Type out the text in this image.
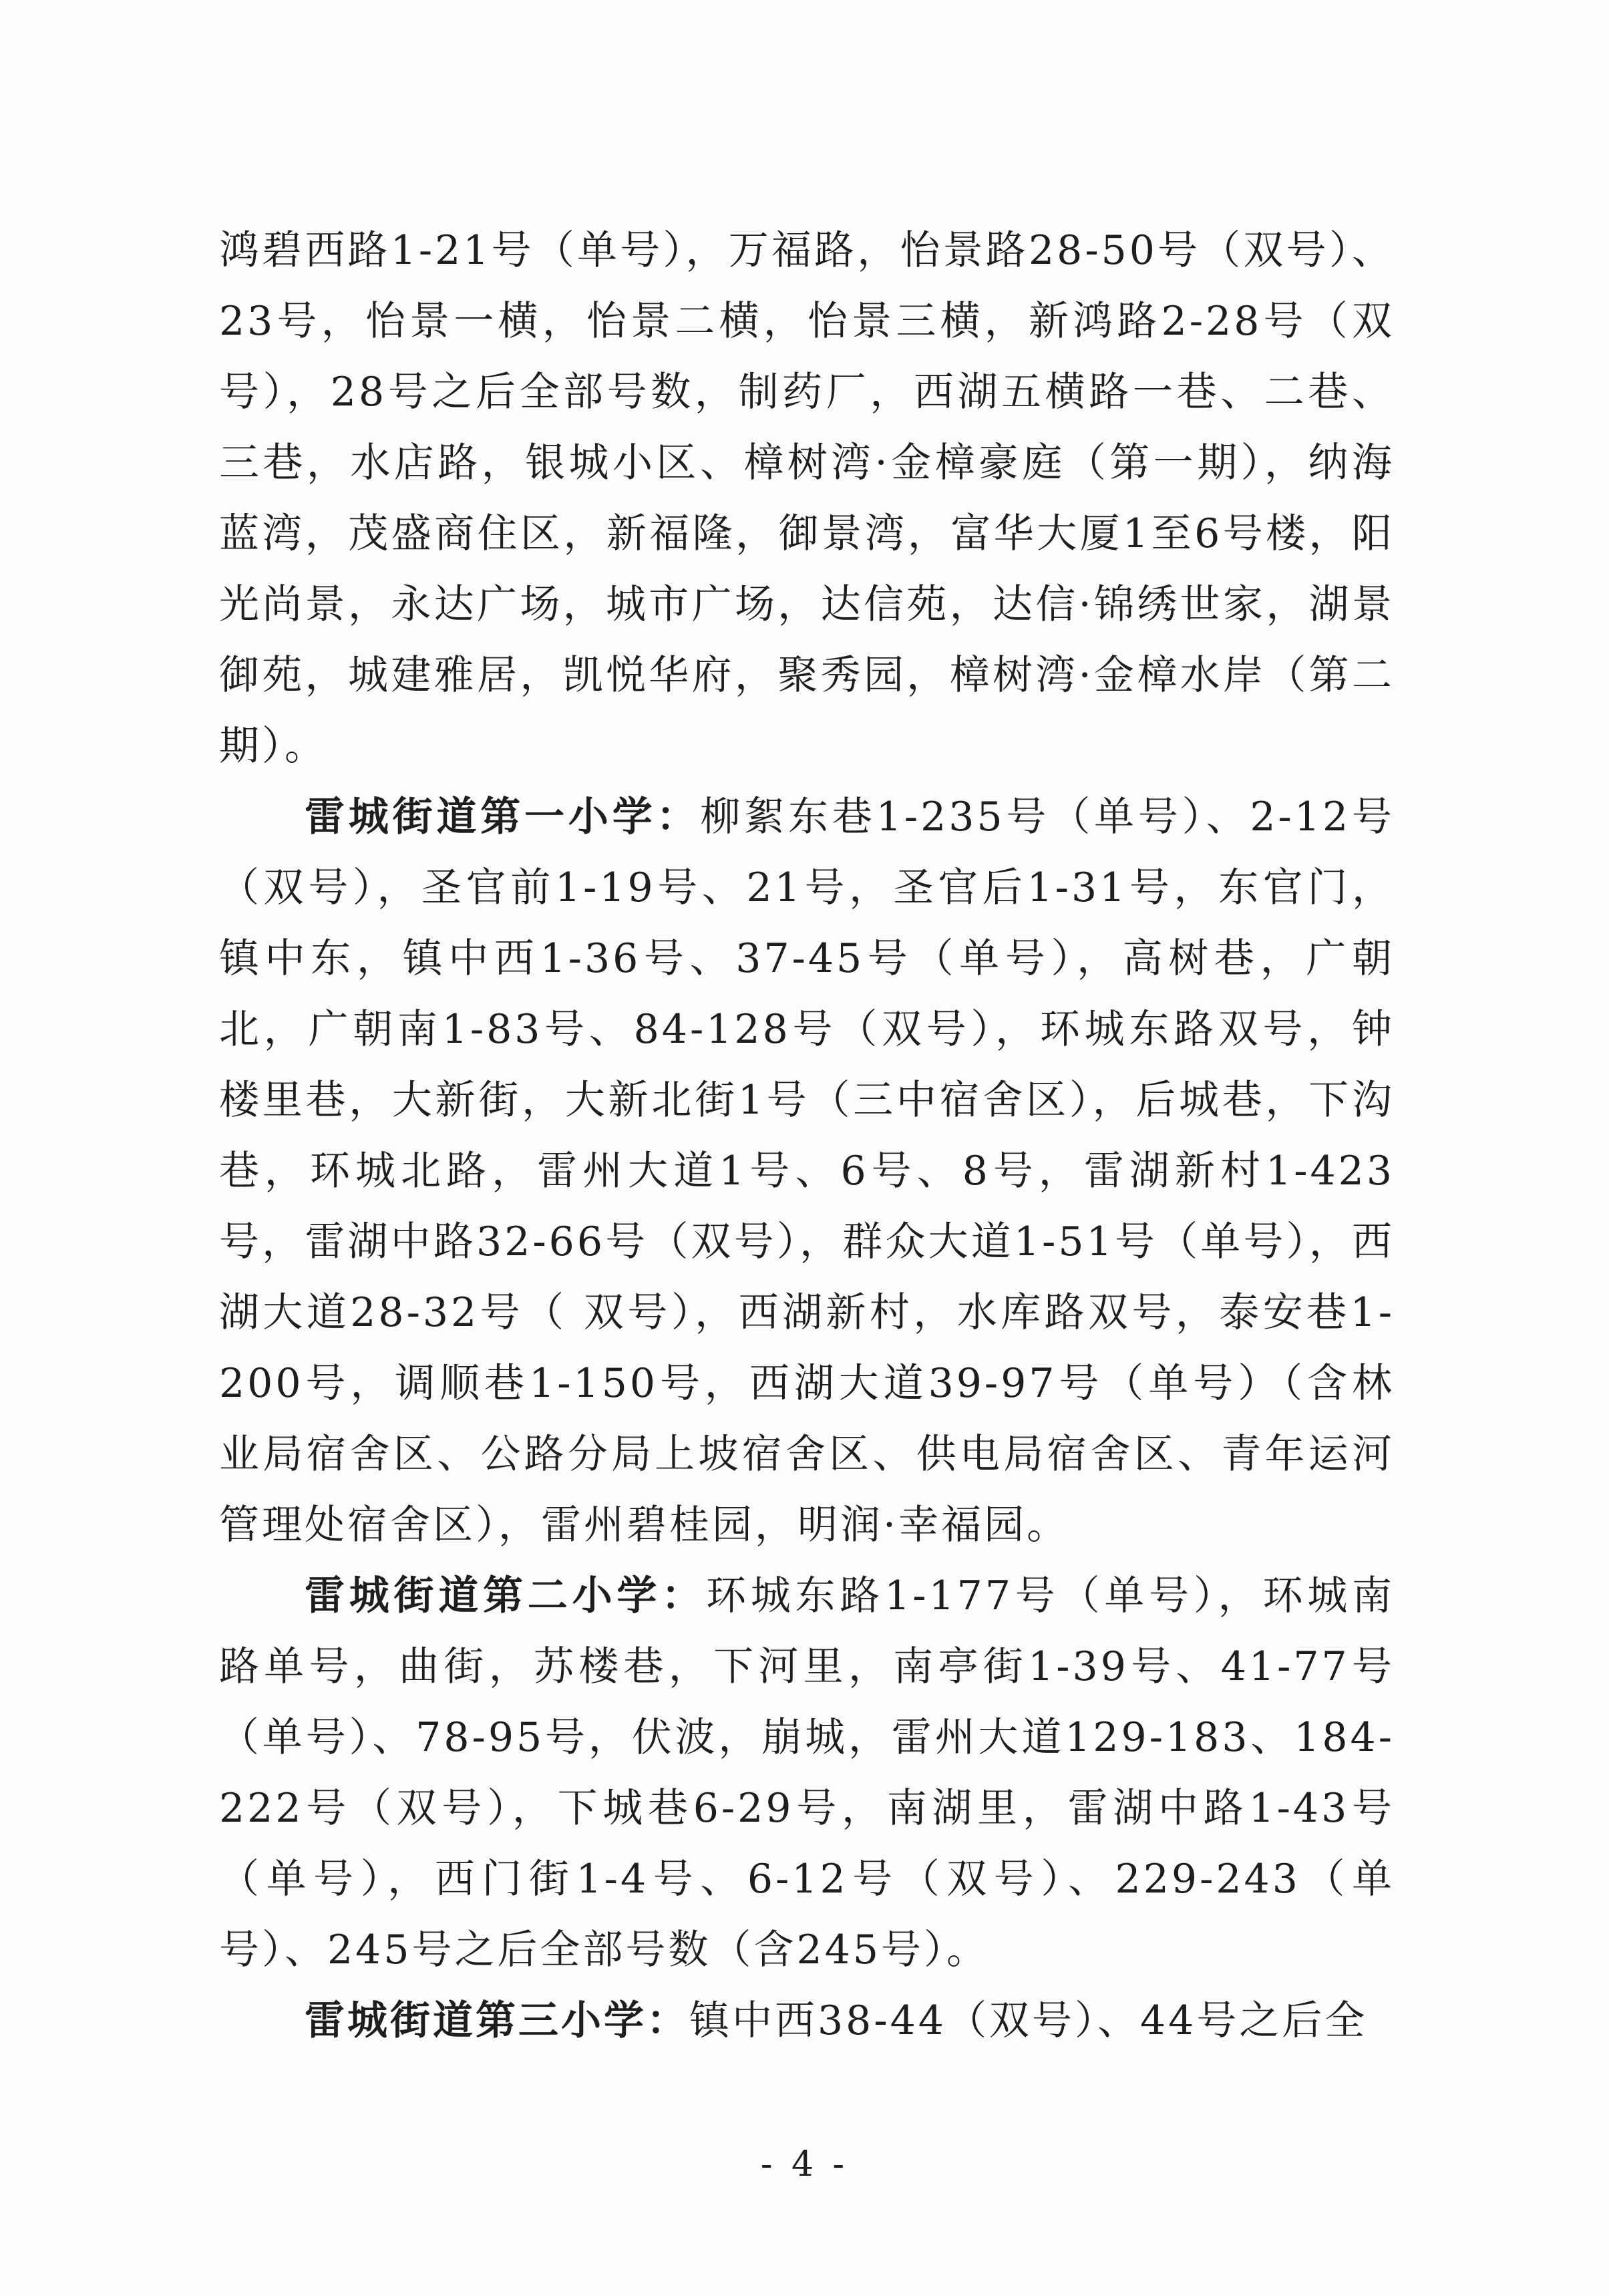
鸿碧西路1-21号（单号），万福路，怡景路28-50号（双号）、23号，怡景一横，怡景二横，怡景三横，新鸿路2-28号（双号），28号之后全部号数，制药厂，西湖五横路一巷、二巷、三巷，水店路，银城小区、樟树湾·金樟豪庭（第一期），纳海蓝湾，茂盛商住区，新福隆，御景湾，富华大厦1至6号楼，阳光尚景，永达广场，城市广场，达信苑，达信·锦绣世家，湖景御苑，城建雅居，凯悦华府，聚秀园，樟树湾·金樟水岸（第二期）。

雷城街道第一小学：柳絮东巷1-235号（单号）、2-12号（双号），圣官前1-19号、21号，圣官后1-31号，东官门，镇中东，镇中西1-36号、37-45号（单号），高树巷，广朝北，广朝南1-83号、84-128号（双号），环城东路双号，钟楼里巷，大新街，大新北街1号（三中宿舍区），后城巷，下沟巷，环城北路，雷州大道1号、6号、8号，雷湖新村1-423号，雷湖中路32-66号（双号），群众大道1-51号（单号），西湖大道28-32号（ 双号），西湖新村，水库路双号，泰安巷1-200号，调顺巷1-150号，西湖大道39-97号（单号）（含林业局宿舍区、公路分局上坡宿舍区、供电局宿舍区、青年运河管理处宿舍区），雷州碧桂园，明润·幸福园。

雷城街道第二小学：环城东路1-177号（单号），环城南路单号，曲街，苏楼巷，下河里，南亭街1-39号、41-77号（单号）、78-95号，伏波，崩城，雷州大道129-183、184-222号（双号），下城巷6-29号，南湖里，雷湖中路1-43号（单号），西门街1-4号、6-12号（双号）、229-243（单号）、245号之后全部号数（含245号）。

雷城街道第三小学：镇中西38-44（双号）、44号之后全

- 4 -
